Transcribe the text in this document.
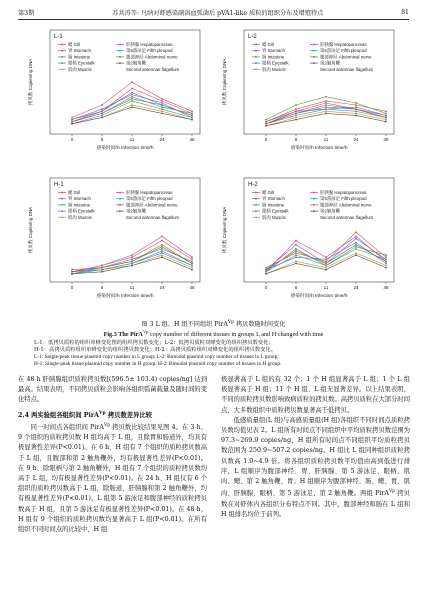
第3期	苏共涛等: 凡纳对虾感染副溶血弧菌后 pVA1-like 质粒的组织分布及增殖特点	81
L-1
鳃 Gill
胃 Stomach
肠 Intestine
眼柄 Eyestalk
肌肉 Muscle
肝胰腺 Hepatopancreas
第5游泳足 Fifth pleopod
腹部神经 Abdominal nerve
第2触角鞭
Second antennae flagellum
拷贝数 Copies/ng DNA
0	6	11	24	48
感染时间/h Infection time/h
L-2
鳃 Gill
胃 Stomach
肠 Intestine
眼柄 Eyestalk
肌肉 Muscle
肝胰腺 Hepatopancreas
第5游泳足 Fifth pleopod
腹部神经 Abdominal nerve
第2触角鞭
Second antennae flagellum
拷贝数 Copies/ng DNA
0	6	11	24	48
感染时间/h Infection time/h
H-1
鳃 Gill
胃 Stomach
肠 Intestine
眼柄 Eyestalk
肌肉 Muscle
肝胰腺 Hepatopancreas
第5游泳足 Fifth pleopod
腹部神经 Abdominal nerve
第2触角鞭
Second antennae flagellum
拷贝数 Copies/ng DNA
0	6	11	24	48
感染时间/h Infection time/h
H-2
鳃 Gill
胃 Stomach
肠 Intestine
眼柄 Eyestalk
肌肉 Muscle
肝胰腺 Hepatopancreas
第5游泳足 Fifth pleopod
腹部神经 Abdominal nerve
第2触角鞭
Second antennae flagellum
拷贝数 Copies/ng DNA
0	6	11	24	48
感染时间/h Infection time/h
图 3 L 组、H 组不同组织 PirA$^{Vp}$ 拷贝数随时间变化
Fig.3 The PirA$^{Vp}$ copy number of different tissues in groups L and H changed with time
L-1：低拷贝质粒的组织单峰变化图的组织拷贝数变化；L-2：低拷贝质粒双峰变化的组织拷贝数变化；
H-1：高拷贝质粒组织单峰变化的组织拷贝数变化；H-2：高拷贝质粒组织双峰变化的组织拷贝数变化。
L-1: Single-peak tissue plasmid copy number in L group; L-2: Bimodal plasmid copy number of tissues in L group;
H-1: Single-peak tissue plasmid copy number in H group; H-2: Bimodal plasmid copy number of tissues in H group.

在 48 h 肝胰腺组织质粒拷贝数[(596.5± 103.4) copies/ng] 达到最高。结果表明，不同拷贝质粒会影响各组织弧菌载量及随时间的变化特点。

2.4 两实验组各组织间 PirA$^{Vp}$ 拷贝数差异比较

同一时间点各组织间 PirA$^{Vp}$ 拷贝数比较结果见图 4。在 3 h、9 个组织的质粒拷贝数 H 组均高于 L 组，且除胃和肠道外，均具有极显著性差异(P<0.01)。在 6 h、H 组有 7 个组织的质粒拷贝数高于 L 组，且腹部和第 2 触角鞭外，均有极显著性差异(P<0.01)。在 9 h、除眼柄与第 2 触角鞭外，H 组有 7 个组织的质粒拷贝数均高于 L 组，均有极显著性差异(P<0.01)。在 24 h、H 组仅有 6 个组织的质粒拷贝数高于 L 组，除肠道、肝胰腺和第 2 触角鞭外，均有极显著性差异(P<0.01)，L 组第 5 游泳足和腹部神经的质粒拷贝数高于 H 组，且第 5 游泳足有极显著性差异(P<0.01)。在 48 h、H 组有 9 个组织的质粒拷贝数均显著高于 L 组(P<0.01)。在所有组织不同时间点的比较中，H 组

极显著高于 L 组的有 32 个；1 个 H 组显著高于 L 组；1 个 L 组极显著高于 H 组；11 个 H 组、L 组无显著差异。以上结果表明，不同的质粒拷贝数影响致病质粒的拷贝数。高拷贝质粒在大部分时间点、大多数组织中质粒拷贝数显著高于低拷贝。

低感质量组(L 组)与高感质量组(H 组)各组织不同时间点质粒拷贝数均值见表 2。L 组所有时间点不同组织中平均质粒拷贝数范围为 97.3~269.9 copies/ng，H 组所有时间点不同组织平均质粒拷贝数范围为 250.9~507.2 copies/ng。H 组比 L 组同种组织质粒拷贝数高 1.9~4.9 倍。将各组织质粒拷贝数平均值由高到低进行排序，L 组顺序为腹部神经、胃、肝胰腺、第 5 游泳足、眼柄、肌肉、鳃、第 2 触角鞭、胃；H 组顺序为腹部神经、肠、鳃、胃、肌肉、肝胰腺、眼柄、第 5 游泳足、第 2 触角鞭。两组 PirA$^{Vp}$ 拷贝数在对虾体内各组织分布特点不同。其中，腹部神经和肠在 L 组和 H 组排名均位于前列。
